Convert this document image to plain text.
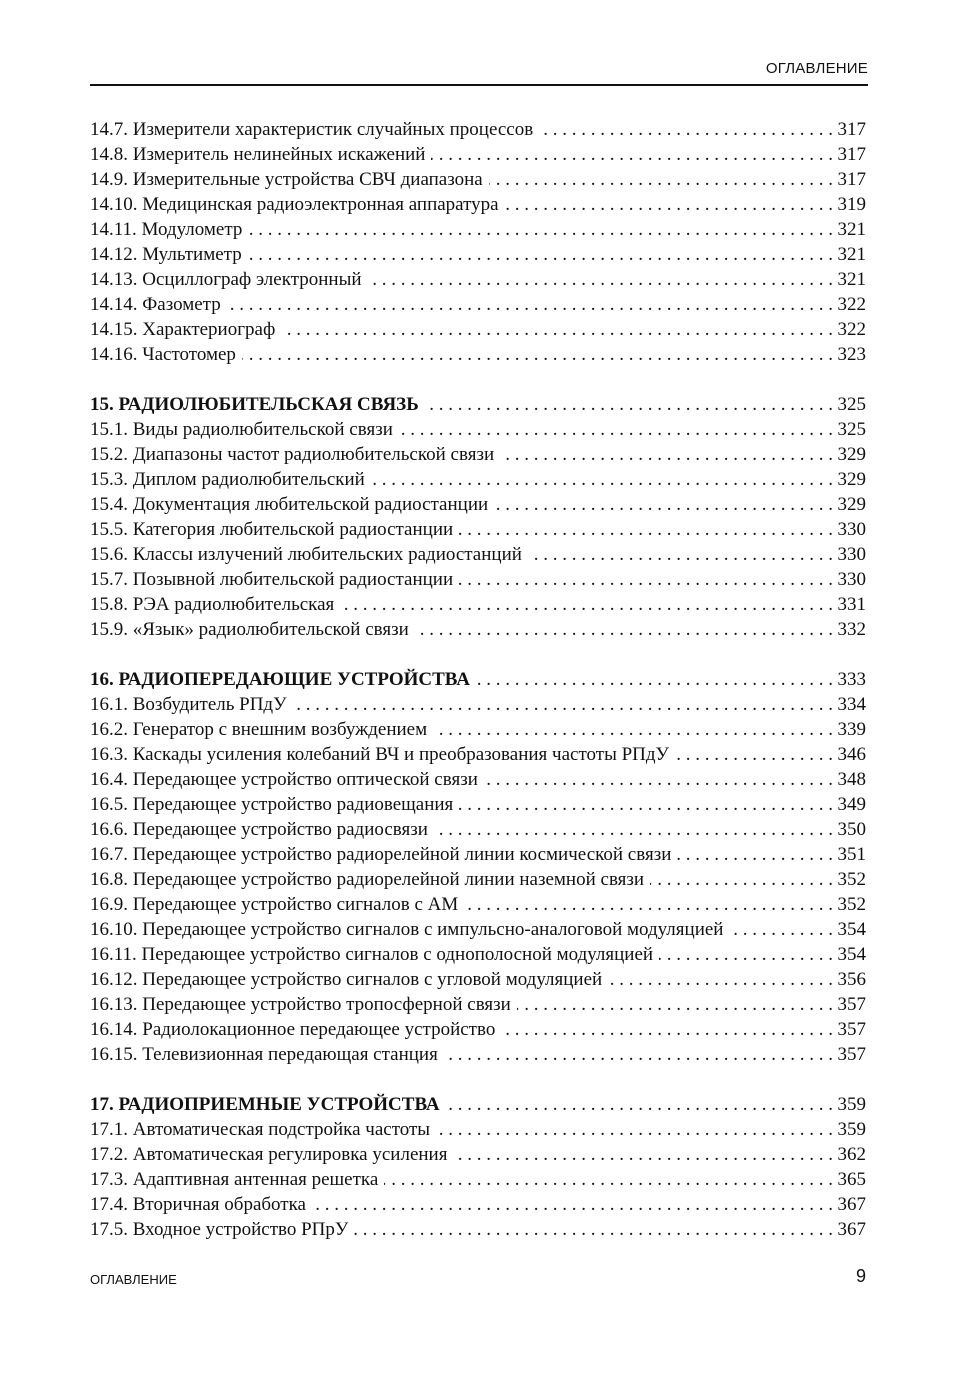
ОГЛАВЛЕНИЕ
14.7. Измерители характеристик случайных процессов . . .	317
14.8. Измеритель нелинейных искажений . . .	317
14.9. Измерительные устройства СВЧ диапазона . . .	317
14.10. Медицинская радиоэлектронная аппаратура . . .	319
14.11. Модулометр . . .	321
14.12. Мультиметр . . .	321
14.13. Осциллограф электронный . . .	321
14.14. Фазометр . . .	322
14.15. Характериограф . . .	322
14.16. Частотомер . . .	323
15. РАДИОЛЮБИТЕЛЬСКАЯ СВЯЗЬ . . .	325
15.1. Виды радиолюбительской связи . . .	325
15.2. Диапазоны частот радиолюбительской связи . . .	329
15.3. Диплом радиолюбительский . . .	329
15.4. Документация любительской радиостанции . . .	329
15.5. Категория любительской радиостанции . . .	330
15.6. Классы излучений любительских радиостанций . . .	330
15.7. Позывной любительской радиостанции . . .	330
15.8. РЭА радиолюбительская . . .	331
15.9. «Язык» радиолюбительской связи . . .	332
16. РАДИОПЕРЕДАЮЩИЕ УСТРОЙСТВА . . .	333
16.1. Возбудитель РПдУ . . .	334
16.2. Генератор с внешним возбуждением . . .	339
16.3. Каскады усиления колебаний ВЧ и преобразования частоты РПдУ . . .	346
16.4. Передающее устройство оптической связи . . .	348
16.5. Передающее устройство радиовещания . . .	349
16.6. Передающее устройство радиосвязи . . .	350
16.7. Передающее устройство радиорелейной линии космической связи . . .	351
16.8. Передающее устройство радиорелейной линии наземной связи . . .	352
16.9. Передающее устройство сигналов с АМ . . .	352
16.10. Передающее устройство сигналов с импульсно-аналоговой модуляцией . . .	354
16.11. Передающее устройство сигналов с однополосной модуляцией . . .	354
16.12. Передающее устройство сигналов с угловой модуляцией . . .	356
16.13. Передающее устройство тропосферной связи . . .	357
16.14. Радиолокационное передающее устройство . . .	357
16.15. Телевизионная передающая станция . . .	357
17. РАДИОПРИЕМНЫЕ УСТРОЙСТВА . . .	359
17.1. Автоматическая подстройка частоты . . .	359
17.2. Автоматическая регулировка усиления . . .	362
17.3. Адаптивная антенная решетка . . .	365
17.4. Вторичная обработка . . .	367
17.5. Входное устройство РПрУ . . .	367
ОГЛАВЛЕНИЕ	9
